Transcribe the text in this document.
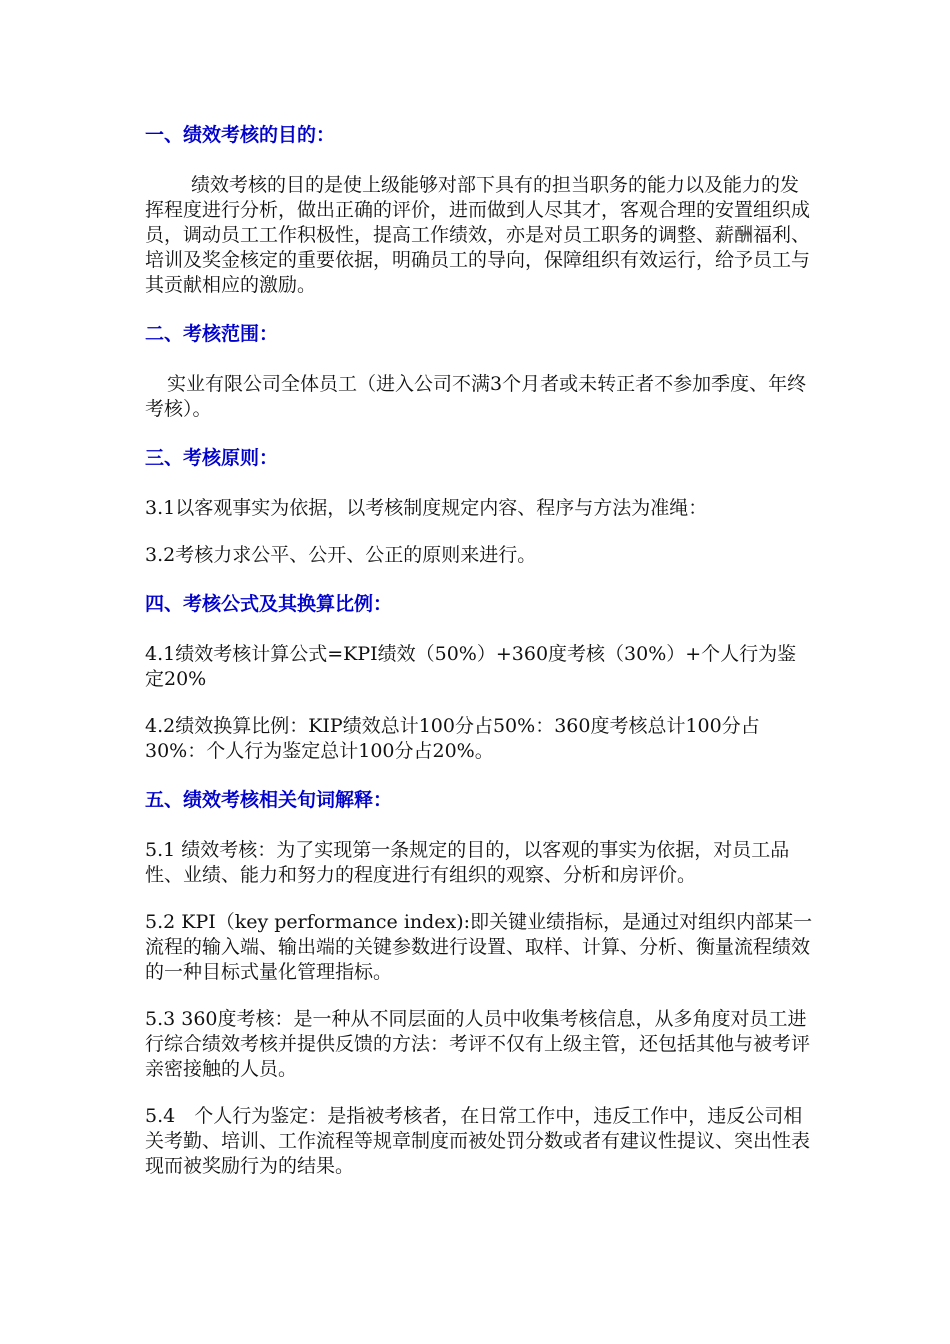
一、绩效考核的目的：

绩效考核的目的是使上级能够对部下具有的担当职务的能力以及能力的发挥程度进行分析，做出正确的评价，进而做到人尽其才，客观合理的安置组织成员，调动员工工作积极性，提高工作绩效，亦是对员工职务的调整、薪酬福利、培训及奖金核定的重要依据，明确员工的导向，保障组织有效运行，给予员工与其贡献相应的激励。

二、考核范围：

实业有限公司全体员工（进入公司不满3个月者或未转正者不参加季度、年终考核）。

三、考核原则：

3.1以客观事实为依据，以考核制度规定内容、程序与方法为准绳：

3.2考核力求公平、公开、公正的原则来进行。

四、考核公式及其换算比例：

4.1绩效考核计算公式=KPI绩效（50%）+360度考核（30%）+个人行为鉴定20%

4.2绩效换算比例：KIP绩效总计100分占50%：360度考核总计100分占30%：个人行为鉴定总计100分占20%。

五、绩效考核相关旬词解释：

5.1 绩效考核：为了实现第一条规定的目的，以客观的事实为依据，对员工品性、业绩、能力和努力的程度进行有组织的观察、分析和房评价。

5.2 KPI（key performance index):即关键业绩指标，是通过对组织内部某一流程的输入端、输出端的关键参数进行设置、取样、计算、分析、衡量流程绩效的一种目标式量化管理指标。

5.3 360度考核：是一种从不同层面的人员中收集考核信息，从多角度对员工进行综合绩效考核并提供反馈的方法：考评不仅有上级主管，还包括其他与被考评亲密接触的人员。

5.4　个人行为鉴定：是指被考核者，在日常工作中，违反工作中，违反公司相关考勤、培训、工作流程等规章制度而被处罚分数或者有建议性提议、突出性表现而被奖励行为的结果。
